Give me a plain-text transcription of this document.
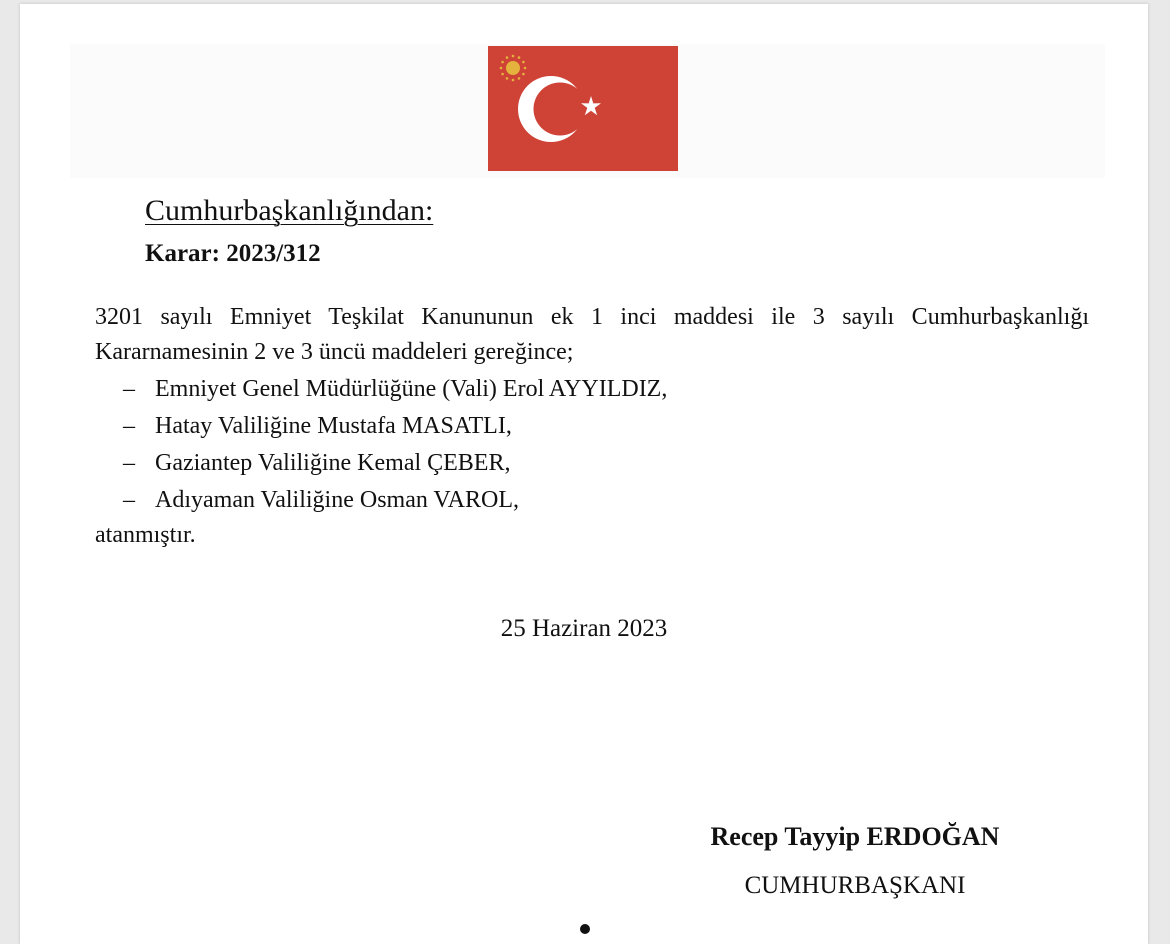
Cumhurbaşkanlığından:
Karar: 2023/312
3201 sayılı Emniyet Teşkilat Kanununun ek 1 inci maddesi ile 3 sayılı Cumhurbaşkanlığı
Kararnamesinin 2 ve 3 üncü maddeleri gereğince;
– Emniyet Genel Müdürlüğüne (Vali) Erol AYYILDIZ,
– Hatay Valiliğine Mustafa MASATLI,
– Gaziantep Valiliğine Kemal ÇEBER,
– Adıyaman Valiliğine Osman VAROL,
atanmıştır.
25 Haziran 2023
Recep Tayyip ERDOĞAN
CUMHURBAŞKANI
